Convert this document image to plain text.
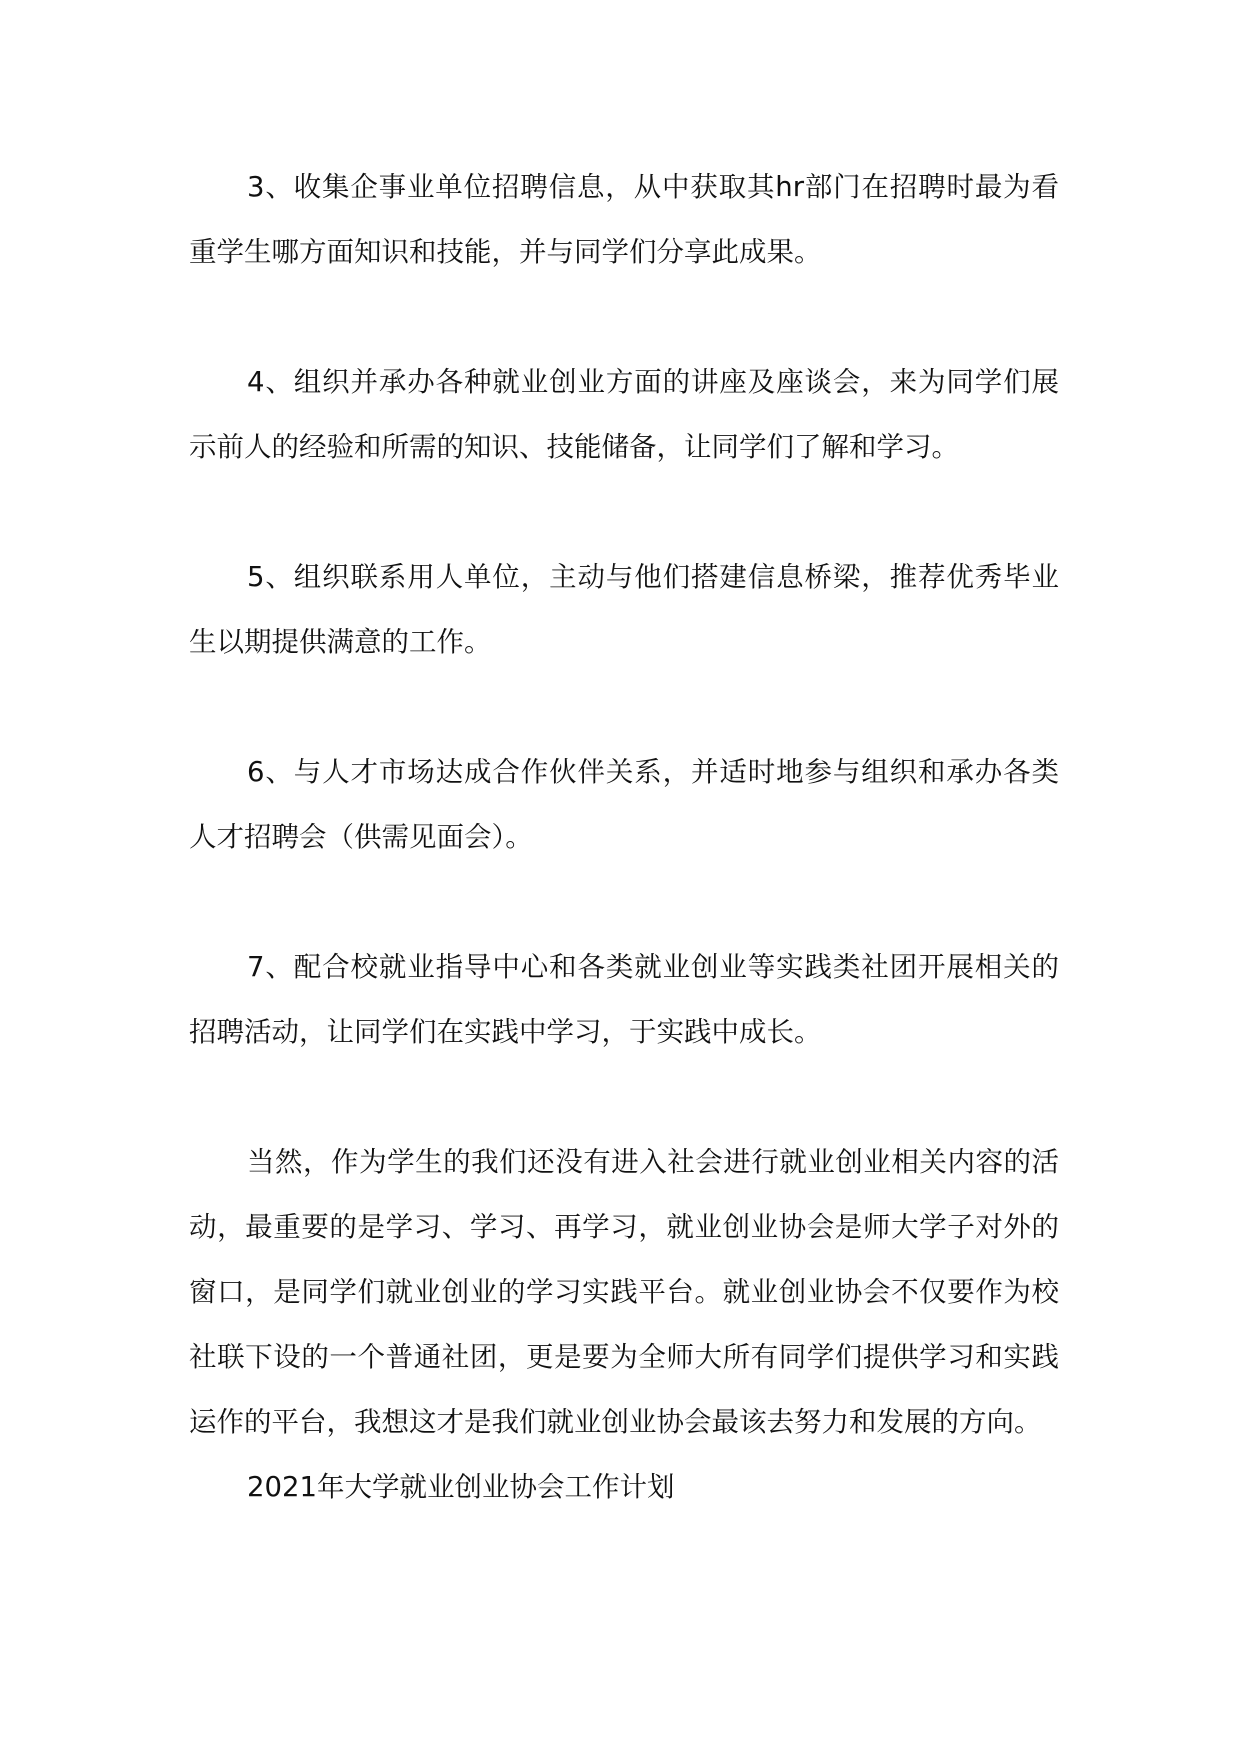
3、收集企事业单位招聘信息，从中获取其hr部门在招聘时最为看重学生哪方面知识和技能，并与同学们分享此成果。

4、组织并承办各种就业创业方面的讲座及座谈会，来为同学们展示前人的经验和所需的知识、技能储备，让同学们了解和学习。

5、组织联系用人单位，主动与他们搭建信息桥梁，推荐优秀毕业生以期提供满意的工作。

6、与人才市场达成合作伙伴关系，并适时地参与组织和承办各类人才招聘会（供需见面会）。

7、配合校就业指导中心和各类就业创业等实践类社团开展相关的招聘活动，让同学们在实践中学习，于实践中成长。

当然，作为学生的我们还没有进入社会进行就业创业相关内容的活动，最重要的是学习、学习、再学习，就业创业协会是师大学子对外的窗口，是同学们就业创业的学习实践平台。就业创业协会不仅要作为校社联下设的一个普通社团，更是要为全师大所有同学们提供学习和实践运作的平台，我想这才是我们就业创业协会最该去努力和发展的方向。

2021年大学就业创业协会工作计划
